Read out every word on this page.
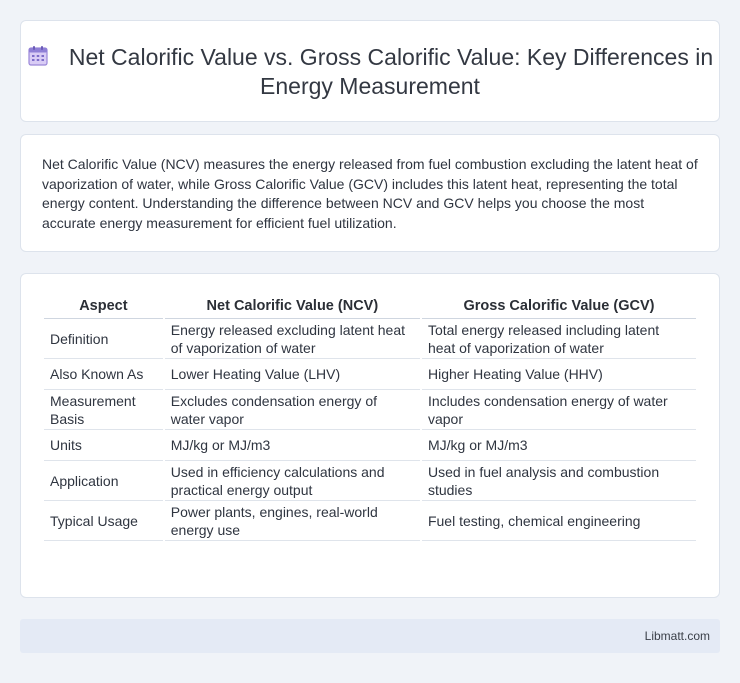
Net Calorific Value vs. Gross Calorific Value: Key Differences in Energy Measurement

Net Calorific Value (NCV) measures the energy released from fuel combustion excluding the latent heat of vaporization of water, while Gross Calorific Value (GCV) includes this latent heat, representing the total energy content. Understanding the difference between NCV and GCV helps you choose the most accurate energy measurement for efficient fuel utilization.

Aspect	Net Calorific Value (NCV)	Gross Calorific Value (GCV)
Definition	Energy released excluding latent heat of vaporization of water	Total energy released including latent heat of vaporization of water
Also Known As	Lower Heating Value (LHV)	Higher Heating Value (HHV)
Measurement Basis	Excludes condensation energy of water vapor	Includes condensation energy of water vapor
Units	MJ/kg or MJ/m3	MJ/kg or MJ/m3
Application	Used in efficiency calculations and practical energy output	Used in fuel analysis and combustion studies
Typical Usage	Power plants, engines, real-world energy use	Fuel testing, chemical engineering
Libmatt.com
